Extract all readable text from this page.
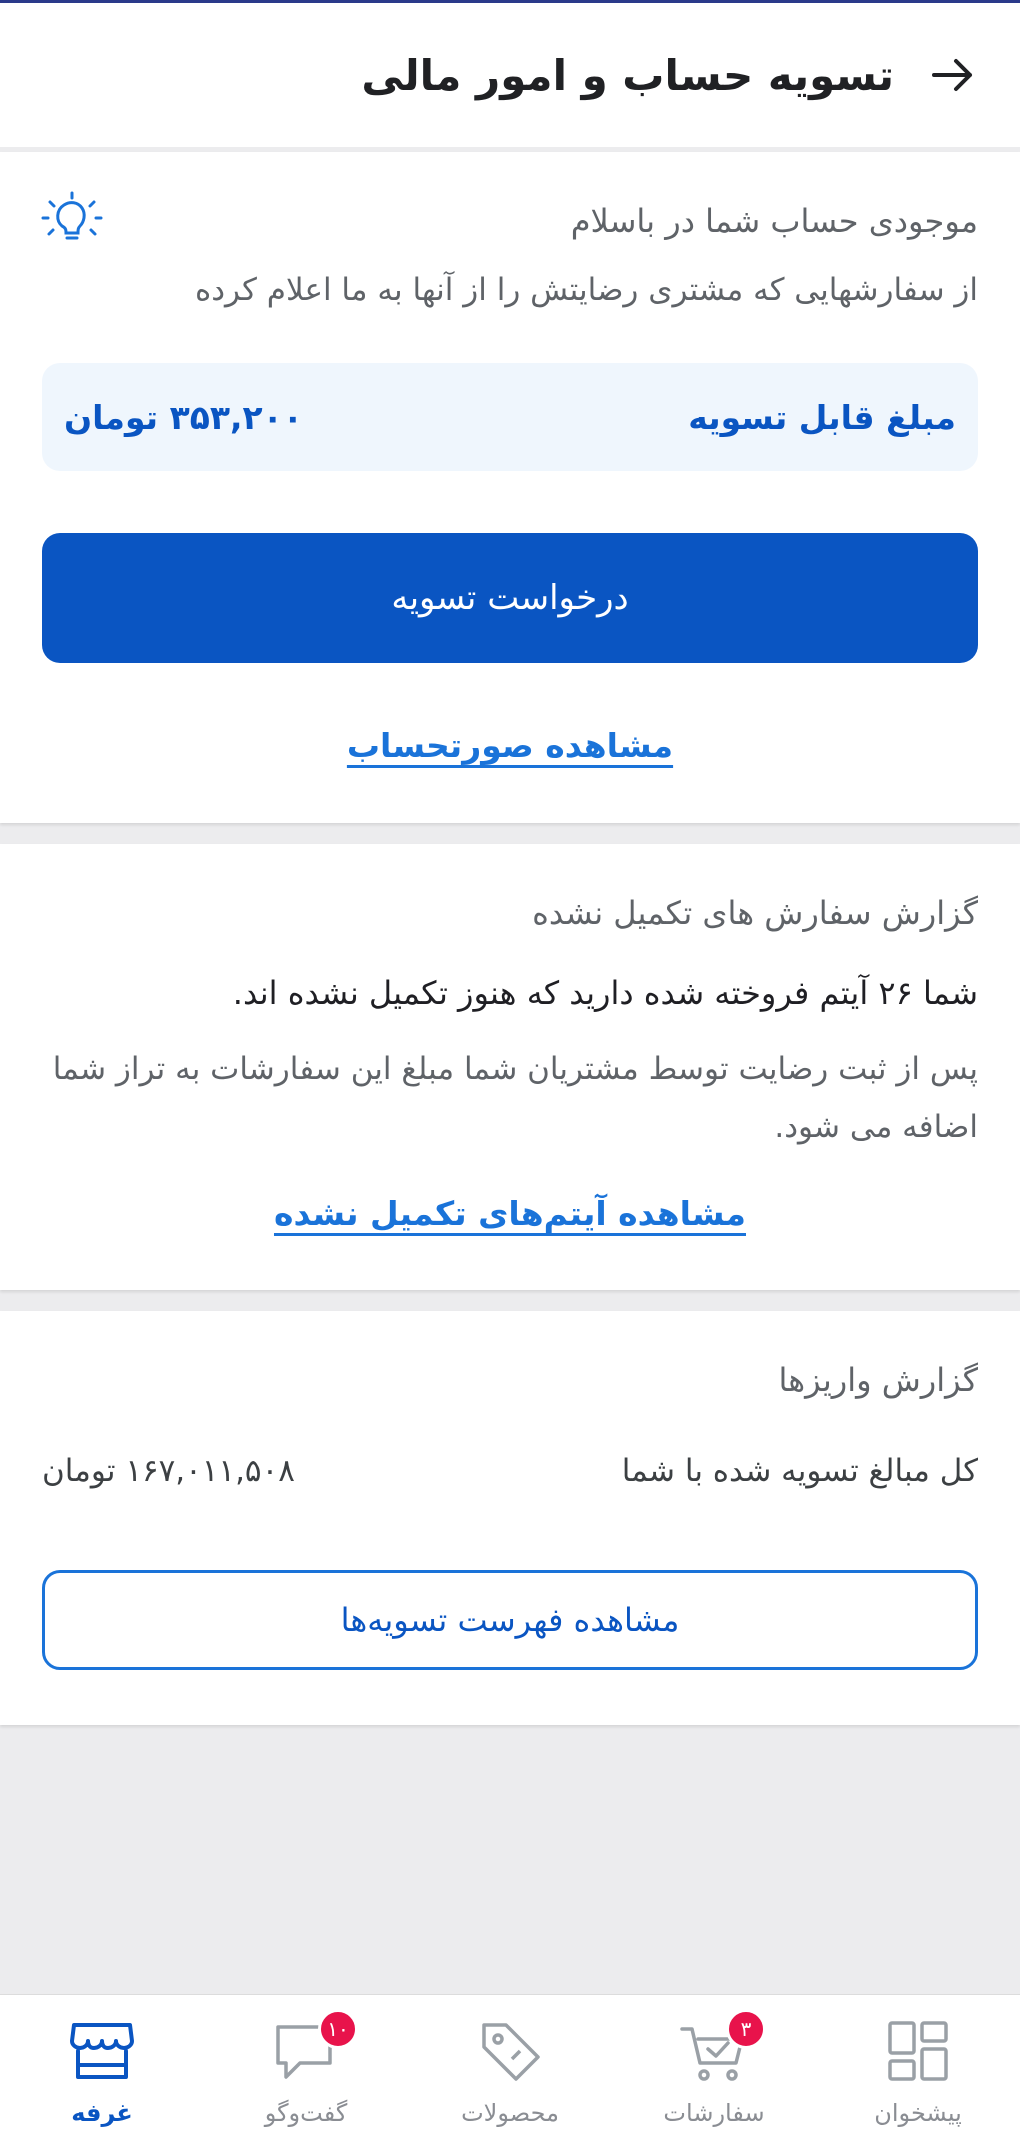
تسویه حساب و امور مالی
موجودی حساب شما در باسلام
از سفارشهایی که مشتری رضایتش را از آنها به ما اعلام کرده
مبلغ قابل تسویه
۳۵۳,۲۰۰ تومان
درخواست تسویه
مشاهده صورتحساب
گزارش سفارش های تکمیل نشده
شما ۲۶ آیتم فروخته شده دارید که هنوز تکمیل نشده اند.
پس از ثبت رضایت توسط مشتریان شما مبلغ این سفارشات به تراز شما اضافه می شود.
مشاهده آیتم‌های تکمیل نشده
گزارش واریزها
کل مبالغ تسویه شده با شما
۱۶۷,۰۱۱,۵۰۸ تومان
مشاهده فهرست تسویه‌ها
پیشخوان
۳
سفارشات
محصولات
۱۰
گفت‌وگو
غرفه
